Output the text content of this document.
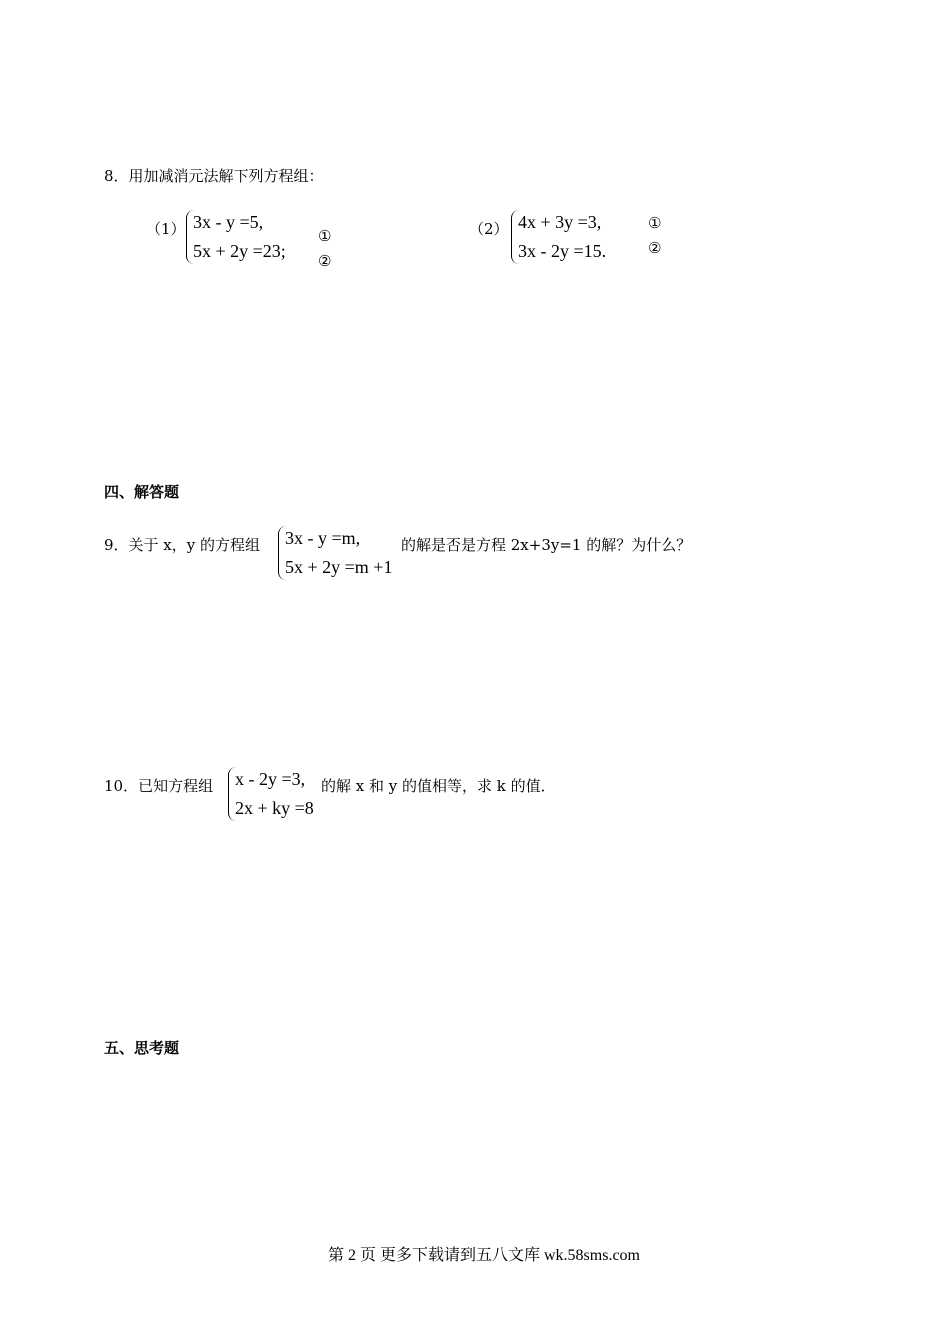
8．用加减消元法解下列方程组：
（1） 3x - y =5,
5x + 2y =23;
①
②
（2） 4x + 3y =3,
3x - 2y =15.
①
②
四、解答题
9．关于 x，y 的方程组 3x - y =m,
5x + 2y =m +1
的解是否是方程 2x+3y=1 的解？为什么？
10．已知方程组 x - 2y =3,
2x + ky =8
的解 x 和 y 的值相等，求 k 的值．
五、思考题
第 2 页 更多下载请到五八文库 wk.58sms.com
